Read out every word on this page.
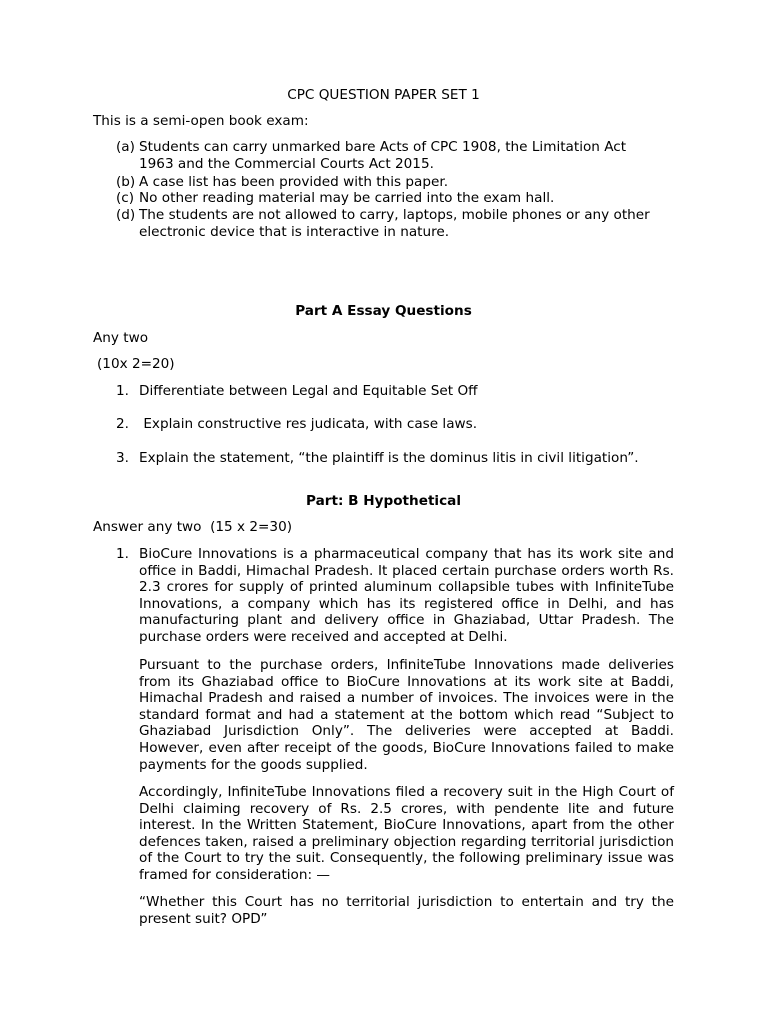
CPC QUESTION PAPER SET 1
This is a semi-open book exam:
(a) Students can carry unmarked bare Acts of CPC 1908, the Limitation Act 1963 and the Commercial Courts Act 2015.
(b) A case list has been provided with this paper.
(c) No other reading material may be carried into the exam hall.
(d) The students are not allowed to carry, laptops, mobile phones or any other electronic device that is interactive in nature.
Part A Essay Questions
Any two
(10x 2=20)
1. Differentiate between Legal and Equitable Set Off
2. Explain constructive res judicata, with case laws.
3. Explain the statement, “the plaintiff is the dominus litis in civil litigation”.
Part: B Hypothetical
Answer any two  (15 x 2=30)
1. BioCure Innovations is a pharmaceutical company that has its work site and office in Baddi, Himachal Pradesh. It placed certain purchase orders worth Rs. 2.3 crores for supply of printed aluminum collapsible tubes with InfiniteTube Innovations, a company which has its registered office in Delhi, and has manufacturing plant and delivery office in Ghaziabad, Uttar Pradesh. The purchase orders were received and accepted at Delhi.
Pursuant to the purchase orders, InfiniteTube Innovations made deliveries from its Ghaziabad office to BioCure Innovations at its work site at Baddi, Himachal Pradesh and raised a number of invoices. The invoices were in the standard format and had a statement at the bottom which read “Subject to Ghaziabad Jurisdiction Only”. The deliveries were accepted at Baddi. However, even after receipt of the goods, BioCure Innovations failed to make payments for the goods supplied.
Accordingly, InfiniteTube Innovations filed a recovery suit in the High Court of Delhi claiming recovery of Rs. 2.5 crores, with pendente lite and future interest. In the Written Statement, BioCure Innovations, apart from the other defences taken, raised a preliminary objection regarding territorial jurisdiction of the Court to try the suit. Consequently, the following preliminary issue was framed for consideration: —
“Whether this Court has no territorial jurisdiction to entertain and try the present suit? OPD”
